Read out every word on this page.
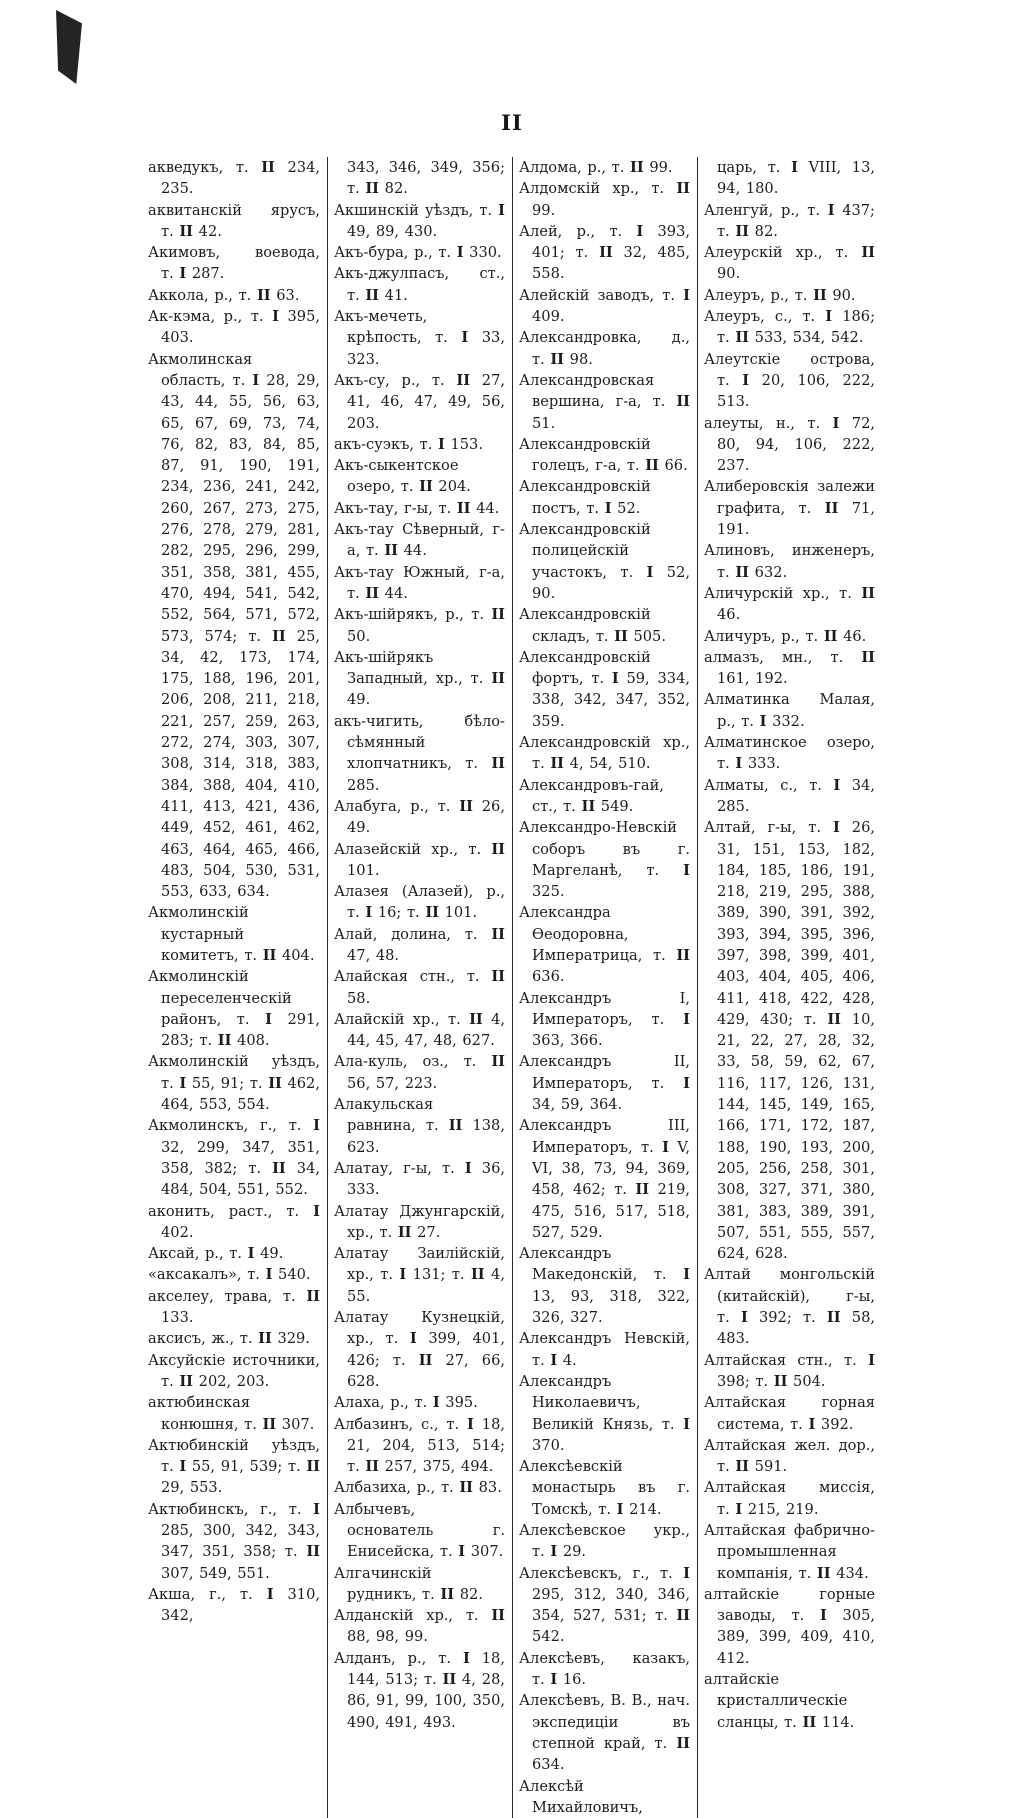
II

акведукъ, т. II 234, 235.

аквитанскій ярусъ, т. II 42.

Акимовъ, воевода, т. I 287.

Аккола, р., т. II 63.

Ак-кэма, р., т. I 395, 403.

Акмолинская область, т. I 28, 29, 43, 44, 55, 56, 63, 65, 67, 69, 73, 74, 76, 82, 83, 84, 85, 87, 91, 190, 191, 234, 236, 241, 242, 260, 267, 273, 275, 276, 278, 279, 281, 282, 295, 296, 299, 351, 358, 381, 455, 470, 494, 541, 542, 552, 564, 571, 572, 573, 574; т. II 25, 34, 42, 173, 174, 175, 188, 196, 201, 206, 208, 211, 218, 221, 257, 259, 263, 272, 274, 303, 307, 308, 314, 318, 383, 384, 388, 404, 410, 411, 413, 421, 436, 449, 452, 461, 462, 463, 464, 465, 466, 483, 504, 530, 531, 553, 633, 634.

Акмолинскій кустарный комитетъ, т. II 404.

Акмолинскій переселенческій районъ, т. I 291, 283; т. II 408.

Акмолинскій уѣздъ, т. I 55, 91; т. II 462, 464, 553, 554.

Акмолинскъ, г., т. I 32, 299, 347, 351, 358, 382; т. II 34, 484, 504, 551, 552.

аконить, раст., т. I 402.

Аксай, р., т. I 49.

«аксакалъ», т. I 540.

акселеу, трава, т. II 133.

аксисъ, ж., т. II 329.

Аксуйскіе источники, т. II 202, 203.

актюбинская конюшня, т. II 307.

Актюбинскій уѣздъ, т. I 55, 91, 539; т. II 29, 553.

Актюбинскъ, г., т. I 285, 300, 342, 343, 347, 351, 358; т. II 307, 549, 551.

Акша, г., т. I 310, 342,

343, 346, 349, 356; т. II 82.

Акшинскій уѣздъ, т. I 49, 89, 430.

Акъ-бура, р., т. I 330.

Акъ-джулпасъ, ст., т. II 41.

Акъ-мечеть, крѣпость, т. I 33, 323.

Акъ-су, р., т. II 27, 41, 46, 47, 49, 56, 203.

акъ-суэкъ, т. I 153.

Акъ-сыкентское озеро, т. II 204.

Акъ-тау, г-ы, т. II 44.

Акъ-тау Сѣверный, г-а, т. II 44.

Акъ-тау Южный, г-а, т. II 44.

Акъ-шійрякъ, р., т. II 50.

Акъ-шійрякъ Западный, хр., т. II 49.

акъ-чигить, бѣло-сѣмянный хлопчатникъ, т. II 285.

Алабуга, р., т. II 26, 49.

Алазейскій хр., т. II 101.

Алазея (Алазей), р., т. I 16; т. II 101.

Алай, долина, т. II 47, 48.

Алайская стн., т. II 58.

Алайскій хр., т. II 4, 44, 45, 47, 48, 627.

Ала-куль, оз., т. II 56, 57, 223.

Алакульская равнина, т. II 138, 623.

Алатау, г-ы, т. I 36, 333.

Алатау Джунгарскій, хр., т. II 27.

Алатау Заилійскій, хр., т. I 131; т. II 4, 55.

Алатау Кузнецкій, хр., т. I 399, 401, 426; т. II 27, 66, 628.

Алаха, р., т. I 395.

Албазинъ, с., т. I 18, 21, 204, 513, 514; т. II 257, 375, 494.

Албазиха, р., т. II 83.

Албычевъ, основатель г. Енисейска, т. I 307.

Алгачинскій рудникъ, т. II 82.

Алданскій хр., т. II 88, 98, 99.

Алданъ, р., т. I 18, 144, 513; т. II 4, 28, 86, 91, 99, 100, 350, 490, 491, 493.

Алдома, р., т. II 99.

Алдомскій хр., т. II 99.

Алей, р., т. I 393, 401; т. II 32, 485, 558.

Алейскій заводъ, т. I 409.

Александровка, д., т. II 98.

Александровская вершина, г-а, т. II 51.

Александровскій голецъ, г-а, т. II 66.

Александровскій постъ, т. I 52.

Александровскій полицейскій участокъ, т. I 52, 90.

Александровскій складъ, т. II 505.

Александровскій фортъ, т. I 59, 334, 338, 342, 347, 352, 359.

Александровскій хр., т. II 4, 54, 510.

Александровъ-гай, ст., т. II 549.

Александро-Невскій соборъ въ г. Маргеланѣ, т. I 325.

Александра Ѳеодоровна, Императрица, т. II 636.

Александръ I, Императоръ, т. I 363, 366.

Александръ II, Императоръ, т. I 34, 59, 364.

Александръ III, Императоръ, т. I V, VI, 38, 73, 94, 369, 458, 462; т. II 219, 475, 516, 517, 518, 527, 529.

Александръ Македонскій, т. I 13, 93, 318, 322, 326, 327.

Александръ Невскій, т. I 4.

Александръ Николаевичъ, Великій Князь, т. I 370.

Алексѣевскій монастырь въ г. Томскѣ, т. I 214.

Алексѣевское укр., т. I 29.

Алексѣевскъ, г., т. I 295, 312, 340, 346, 354, 527, 531; т. II 542.

Алексѣевъ, казакъ, т. I 16.

Алексѣевъ, В. В., нач. экспедиціи въ степной край, т. II 634.

Алексѣй Михайловичъ,

царь, т. I VIII, 13, 94, 180.

Аленгуй, р., т. I 437; т. II 82.

Алеурскій хр., т. II 90.

Алеуръ, р., т. II 90.

Алеуръ, с., т. I 186; т. II 533, 534, 542.

Алеутскіе острова, т. I 20, 106, 222, 513.

алеуты, н., т. I 72, 80, 94, 106, 222, 237.

Алиберовскія залежи графита, т. II 71, 191.

Алиновъ, инженеръ, т. II 632.

Аличурскій хр., т. II 46.

Аличуръ, р., т. II 46.

алмазъ, мн., т. II 161, 192.

Алматинка Малая, р., т. I 332.

Алматинское озеро, т. I 333.

Алматы, с., т. I 34, 285.

Алтай, г-ы, т. I 26, 31, 151, 153, 182, 184, 185, 186, 191, 218, 219, 295, 388, 389, 390, 391, 392, 393, 394, 395, 396, 397, 398, 399, 401, 403, 404, 405, 406, 411, 418, 422, 428, 429, 430; т. II 10, 21, 22, 27, 28, 32, 33, 58, 59, 62, 67, 116, 117, 126, 131, 144, 145, 149, 165, 166, 171, 172, 187, 188, 190, 193, 200, 205, 256, 258, 301, 308, 327, 371, 380, 381, 383, 389, 391, 507, 551, 555, 557, 624, 628.

Алтай монгольскій (китайскій), г-ы, т. I 392; т. II 58, 483.

Алтайская стн., т. I 398; т. II 504.

Алтайская горная система, т. I 392.

Алтайская жел. дор., т. II 591.

Алтайская миссія, т. I 215, 219.

Алтайская фабрично-промышленная компанія, т. II 434.

алтайскіе горные заводы, т. I 305, 389, 399, 409, 410, 412.

алтайскіе кристаллическіе сланцы, т. II 114.
